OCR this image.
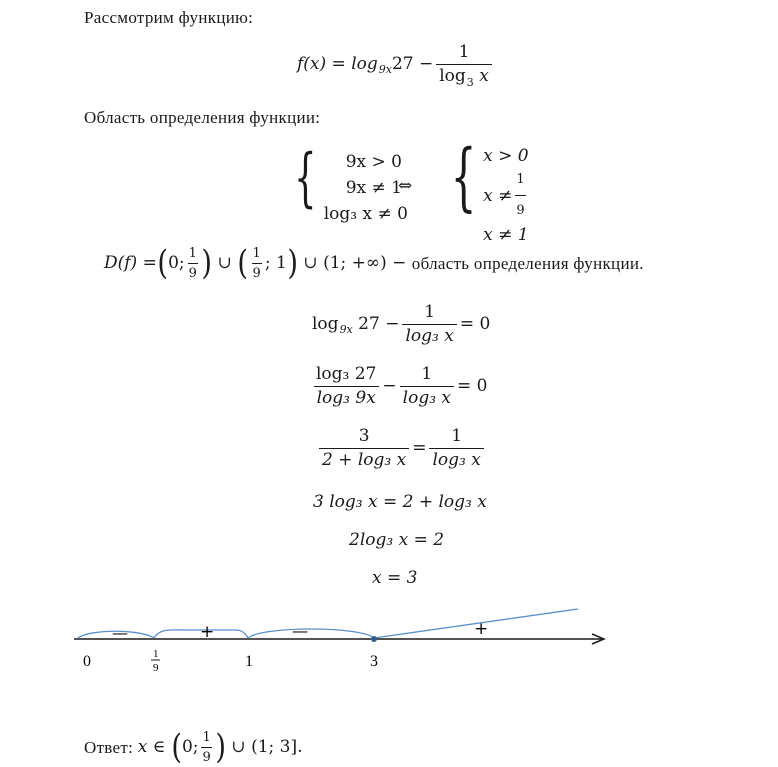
Рассмотрим функцию:
f(x) = log 9x $27 - \frac{1}{\log_3 x}$
Область определения функции:
{	9x > 0
9x ≠ 1
log₃ x ≠ 0
⇔ { x > 0
$x \ne \frac{1}{9}$
x ≠ 1
D(f) = ( 0; $\frac{1}{9}$ ) ∪ ( $\frac{1}{9}$ ; 1 ) ∪ (1; +∞) − область определения функции.
log 9x $27 - \frac{1}{\text{log₃ x}} = 0$
$\frac{\text{log₃ 27}}{\text{log₃ 9x}} - \frac{1}{\text{log₃ x}} = 0$
$\frac{3}{\text{2 + log₃ x}} = \frac{1}{\text{log₃ x}}$
3 log₃ x = 2 + log₃ x
2log₃ x = 2
x = 3
—	+	—	+
0	1
9	1	3
Ответ: x ∈ ( 0; $\frac{1}{9}$ ) ∪ (1; 3].
